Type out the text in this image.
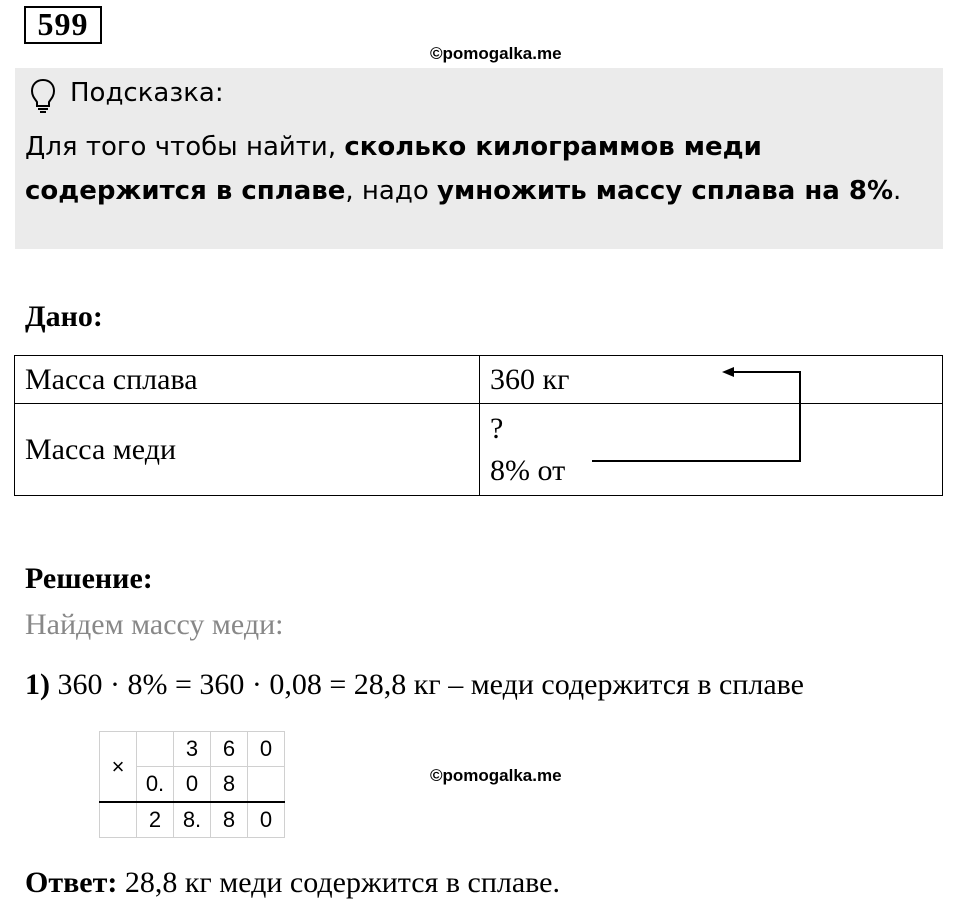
599
©pomogalka.me
Подсказка:
Для того чтобы найти, сколько килограммов меди
содержится в сплаве, надо умножить массу сплава на 8%.
Дано:
Масса сплава	360 кг
Масса меди	?
8% от
Решение:
Найдем массу меди:
1) 360 · 8% = 360 · 0,08 = 28,8 кг – меди содержится в сплаве
×		3	6	0
	0.	0	8	
	2	8.	8	0
©pomogalka.me
Ответ: 28,8 кг меди содержится в сплаве.
